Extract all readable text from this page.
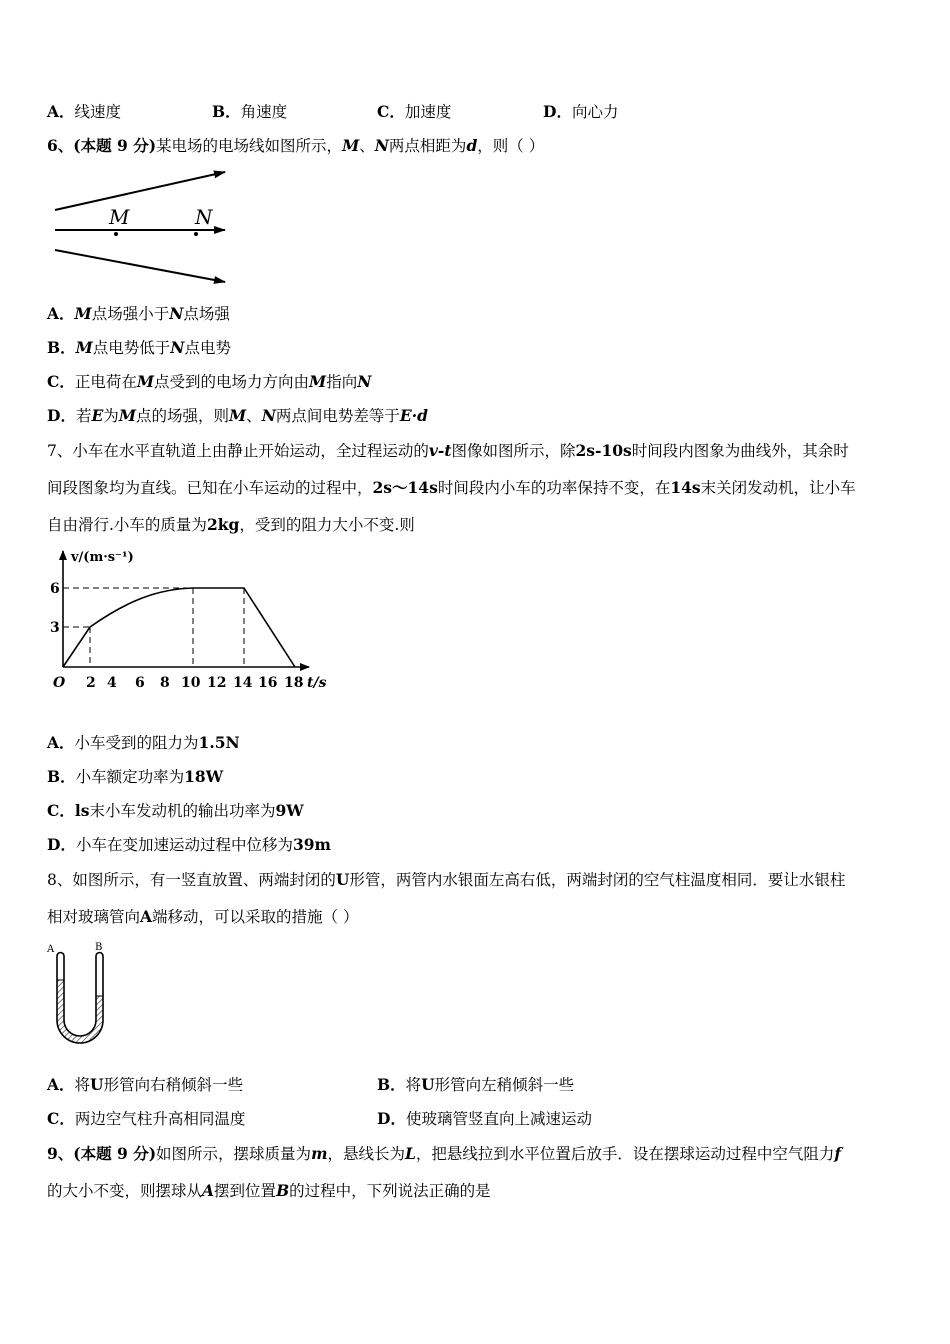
A．线速度	B．角速度	C．加速度	D．向心力
6、(本题 9 分)某电场的电场线如图所示，M、N两点相距为d，则（ ）
M	N
A．M点场强小于N点场强
B．M点电势低于N点电势
C．正电荷在M点受到的电场力方向由M指向N
D．若E为M点的场强，则M、N两点间电势差等于E·d
7、小车在水平直轨道上由静止开始运动，全过程运动的v-t图像如图所示，除2s-10s时间段内图象为曲线外，其余时
间段图象均为直线。已知在小车运动的过程中，2s～14s时间段内小车的功率保持不变，在14s末关闭发动机，让小车
自由滑行.小车的质量为2kg，受到的阻力大小不变.则
v/(m·s⁻¹)
t/s
O
3
6
2 4 6 8 10 12 14 16 18
A．小车受到的阻力为1.5N
B．小车额定功率为18W
C．ls末小车发动机的输出功率为9W
D．小车在变加速运动过程中位移为39m
8、如图所示，有一竖直放置、两端封闭的U形管，两管内水银面左高右低，两端封闭的空气柱温度相同．要让水银柱
相对玻璃管向A端移动，可以采取的措施（ ）
A	B
A．将U形管向右稍倾斜一些	B．将U形管向左稍倾斜一些
C．两边空气柱升高相同温度	D．使玻璃管竖直向上减速运动
9、(本题 9 分)如图所示，摆球质量为m，悬线长为L，把悬线拉到水平位置后放手．设在摆球运动过程中空气阻力f
的大小不变，则摆球从A摆到位置B的过程中，下列说法正确的是
